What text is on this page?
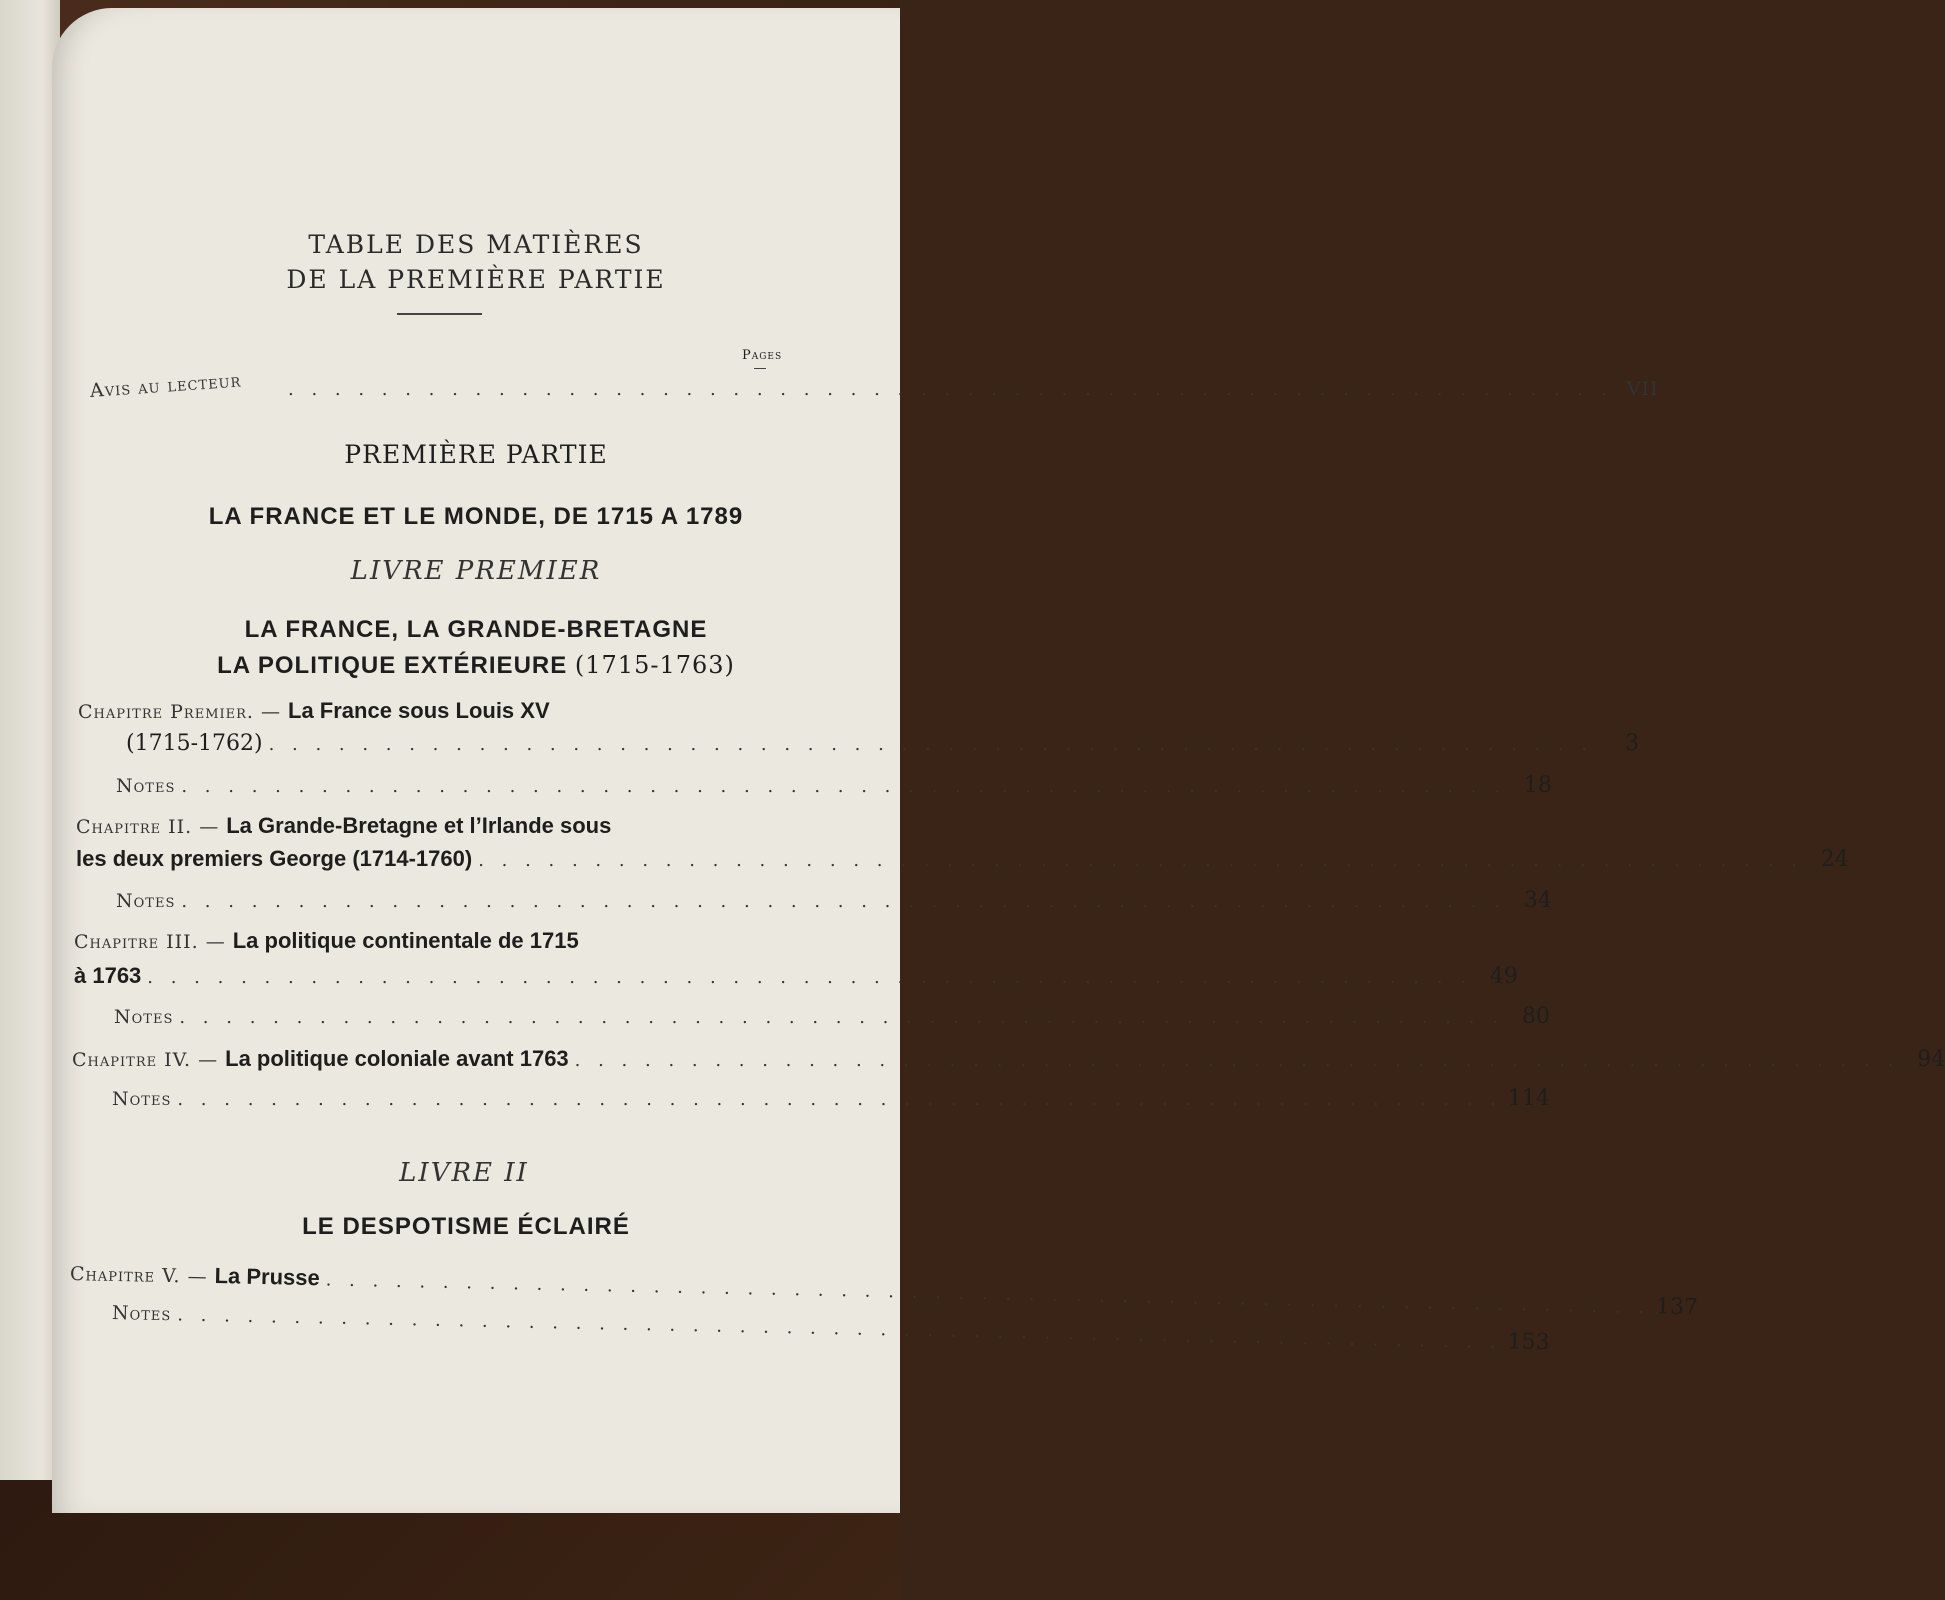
TABLE DES MATIÈRES
DE LA PREMIÈRE PARTIE
Pages
Avis au lecteur	. . . . . . . . . . . . . . . . . . . . . . . . . . . . . . . . . . . . . . . . . . . . . . . . . . . . . . . . . VII
PREMIÈRE PARTIE
LA FRANCE ET LE MONDE, DE 1715 A 1789
LIVRE PREMIER
LA FRANCE, LA GRANDE-BRETAGNE
LA POLITIQUE EXTÉRIEURE (1715-1763)
Chapitre Premier. — La France sous Louis XV
(1715-1762) . . . . . . . . . . . . . . . . . . . . . . . . . . . . . . . . . . . . . . . . . . . . . . . . . . . . . . . . .	3
Notes . . . . . . . . . . . . . . . . . . . . . . . . . . . . . . . . . . . . . . . . . . . . . . . . . . . . . . . . . 18
Chapitre II. — La Grande-Bretagne et l’Irlande sous
les deux premiers George (1714-1760) . . . . . . . . . . . . . . . . . . . . . . . . . . . . . . . . . . . . . . . . . . . . . . . . . . . . . . . . . 24
Notes . . . . . . . . . . . . . . . . . . . . . . . . . . . . . . . . . . . . . . . . . . . . . . . . . . . . . . . . . 34
Chapitre III. — La politique continentale de 1715
à 1763 . . . . . . . . . . . . . . . . . . . . . . . . . . . . . . . . . . . . . . . . . . . . . . . . . . . . . . . . . 49
Notes . . . . . . . . . . . . . . . . . . . . . . . . . . . . . . . . . . . . . . . . . . . . . . . . . . . . . . . . . 80
Chapitre IV. — La politique coloniale avant 1763 . . . . . . . . . . . . . . . . . . . . . . . . . . . . . . . . . . . . . . . . . . . . . . . . . . . . . . . . . 94
Notes . . . . . . . . . . . . . . . . . . . . . . . . . . . . . . . . . . . . . . . . . . . . . . . . . . . . . . . . . 114
LIVRE II
LE DESPOTISME ÉCLAIRÉ
Chapitre V. — La Prusse . . . . . . . . . . . . . . . . . . . . . . . . . . . . . . . . . . . . . . . . . . . . . . . . . . . . . . . . . 137
Notes . . . . . . . . . . . . . . . . . . . . . . . . . . . . . . . . . . . . . . . . . . . . . . . . . . . . . . . . . 153
